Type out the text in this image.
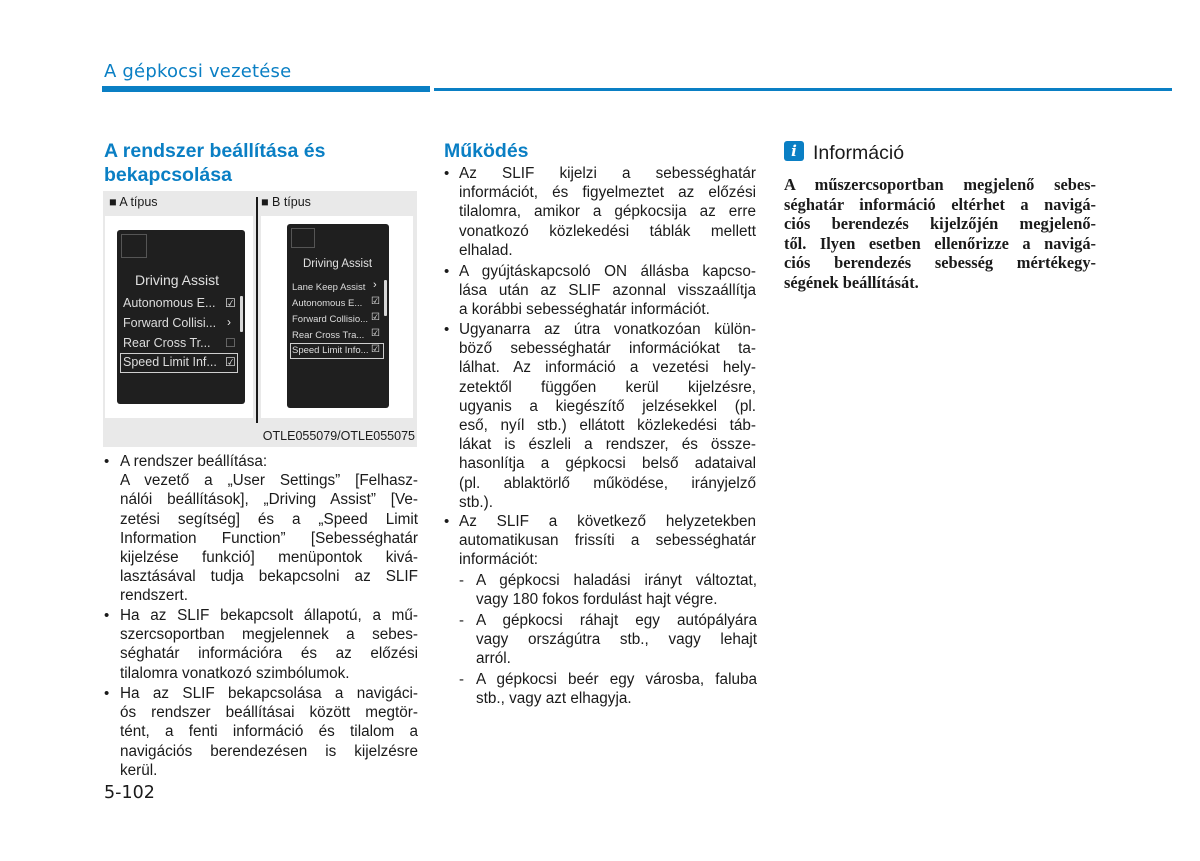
A gépkocsi vezetése
A rendszer beállítása és
bekapcsolása
■ A típus	■ B típus
Driving Assist
Autonomous E... ☑
Forward Collisi... ›
Rear Cross Tr... ☐
Speed Limit Inf... ☑
Driving Assist
Lane Keep Assist ›
Autonomous E... ☑
Forward Collisio... ☑
Rear Cross Tra... ☑
Speed Limit Info... ☑
OTLE055079/OTLE055075
• A rendszer beállítása:
A vezető a „User Settings” [Felhasz-
nálói beállítások], „Driving Assist” [Ve-
zetési segítség] és a „Speed Limit
Information Function” [Sebességhatár
kijelzése funkció] menüpontok kivá-
lasztásával tudja bekapcsolni az SLIF
rendszert.
• Ha az SLIF bekapcsolt állapotú, a mű-
szercsoportban megjelennek a sebes-
séghatár információra és az előzési
tilalomra vonatkozó szimbólumok.
• Ha az SLIF bekapcsolása a navigáci-
ós rendszer beállításai között megtör-
tént, a fenti információ és tilalom a
navigációs berendezésen is kijelzésre
kerül.
Működés
• Az SLIF kijelzi a sebességhatár
információt, és figyelmeztet az előzési
tilalomra, amikor a gépkocsija az erre
vonatkozó közlekedési táblák mellett
elhalad.
• A gyújtáskapcsoló ON állásba kapcso-
lása után az SLIF azonnal visszaállítja
a korábbi sebességhatár információt.
• Ugyanarra az útra vonatkozóan külön-
böző sebességhatár információkat ta-
lálhat. Az információ a vezetési hely-
zetektől függően kerül kijelzésre,
ugyanis a kiegészítő jelzésekkel (pl.
eső, nyíl stb.) ellátott közlekedési táb-
lákat is észleli a rendszer, és össze-
hasonlítja a gépkocsi belső adataival
(pl. ablaktörlő működése, irányjelző
stb.).
• Az SLIF a következő helyzetekben
automatikusan frissíti a sebességhatár
információt:
- A gépkocsi haladási irányt változtat,
vagy 180 fokos fordulást hajt végre.
- A gépkocsi ráhajt egy autópályára
vagy országútra stb., vagy lehajt
arról.
- A gépkocsi beér egy városba, faluba
stb., vagy azt elhagyja.
i Információ
A műszercsoportban megjelenő sebes-
séghatár információ eltérhet a navigá-
ciós berendezés kijelzőjén megjelenő-
től. Ilyen esetben ellenőrizze a navigá-
ciós berendezés sebesség mértékegy-
ségének beállítását.
5-102
